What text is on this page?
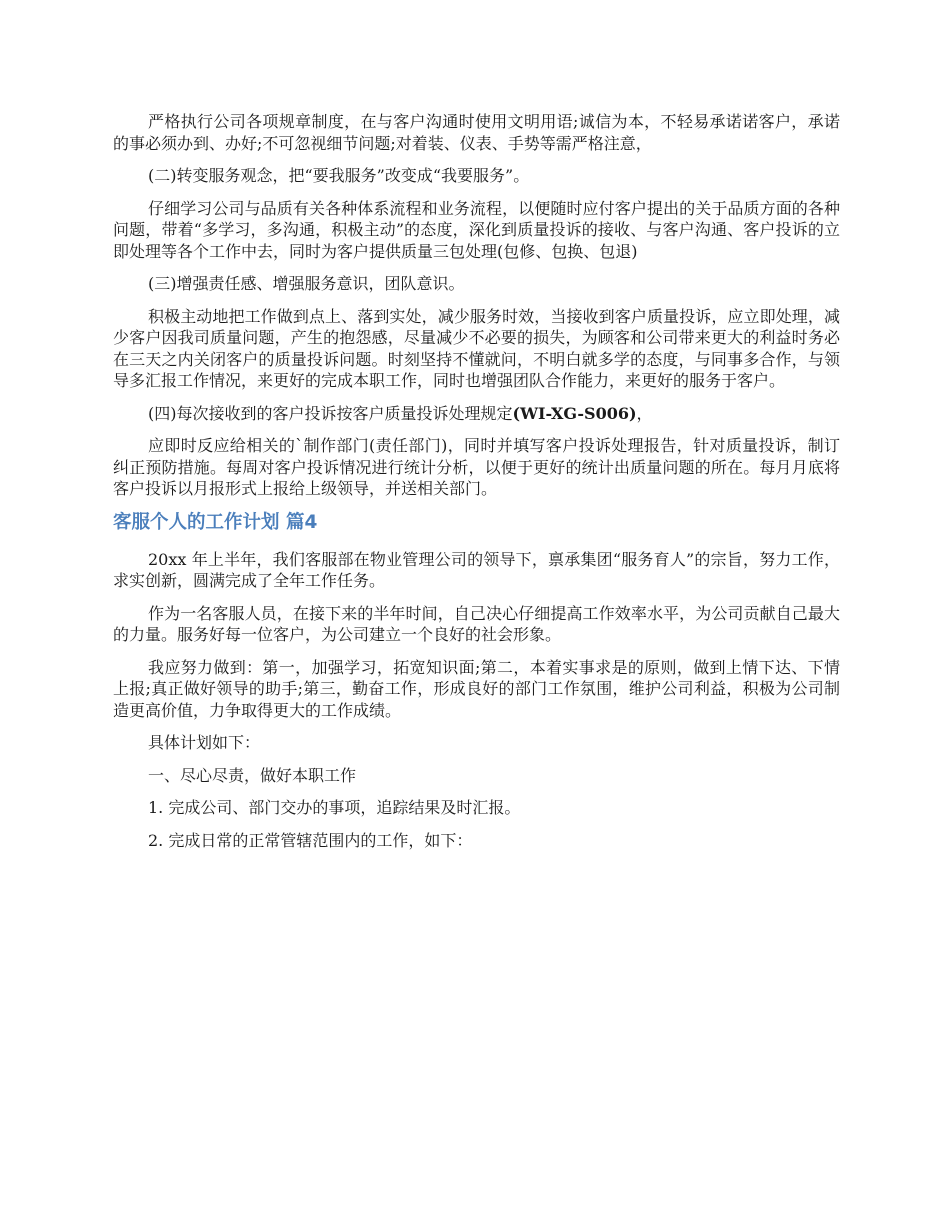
严格执行公司各项规章制度，在与客户沟通时使用文明用语;诚信为本，不轻易承诺诺客户，承诺的事必须办到、办好;不可忽视细节问题;对着装、仪表、手势等需严格注意，

(二)转变服务观念，把“要我服务”改变成“我要服务”。

仔细学习公司与品质有关各种体系流程和业务流程，以便随时应付客户提出的关于品质方面的各种问题，带着“多学习，多沟通，积极主动”的态度，深化到质量投诉的接收、与客户沟通、客户投诉的立即处理等各个工作中去，同时为客户提供质量三包处理(包修、包换、包退)

(三)增强责任感、增强服务意识，团队意识。

积极主动地把工作做到点上、落到实处，减少服务时效，当接收到客户质量投诉，应立即处理，减少客户因我司质量问题，产生的抱怨感，尽量减少不必要的损失，为顾客和公司带来更大的利益时务必在三天之内关闭客户的质量投诉问题。时刻坚持不懂就问，不明白就多学的态度，与同事多合作，与领导多汇报工作情况，来更好的完成本职工作，同时也增强团队合作能力，来更好的服务于客户。

(四)每次接收到的客户投诉按客户质量投诉处理规定(WI-XG-S006)，

应即时反应给相关的`制作部门(责任部门)，同时并填写客户投诉处理报告，针对质量投诉，制订纠正预防措施。每周对客户投诉情况进行统计分析，以便于更好的统计出质量问题的所在。每月月底将客户投诉以月报形式上报给上级领导，并送相关部门。

客服个人的工作计划 篇4

20xx 年上半年，我们客服部在物业管理公司的领导下，禀承集团“服务育人”的宗旨，努力工作，求实创新，圆满完成了全年工作任务。

作为一名客服人员，在接下来的半年时间，自己决心仔细提高工作效率水平，为公司贡献自己最大的力量。服务好每一位客户，为公司建立一个良好的社会形象。

我应努力做到：第一，加强学习，拓宽知识面;第二，本着实事求是的原则，做到上情下达、下情上报;真正做好领导的助手;第三，勤奋工作，形成良好的部门工作氛围，维护公司利益，积极为公司制造更高价值，力争取得更大的工作成绩。

具体计划如下：

一、尽心尽责，做好本职工作

1. 完成公司、部门交办的事项，追踪结果及时汇报。

2. 完成日常的正常管辖范围内的工作，如下：
